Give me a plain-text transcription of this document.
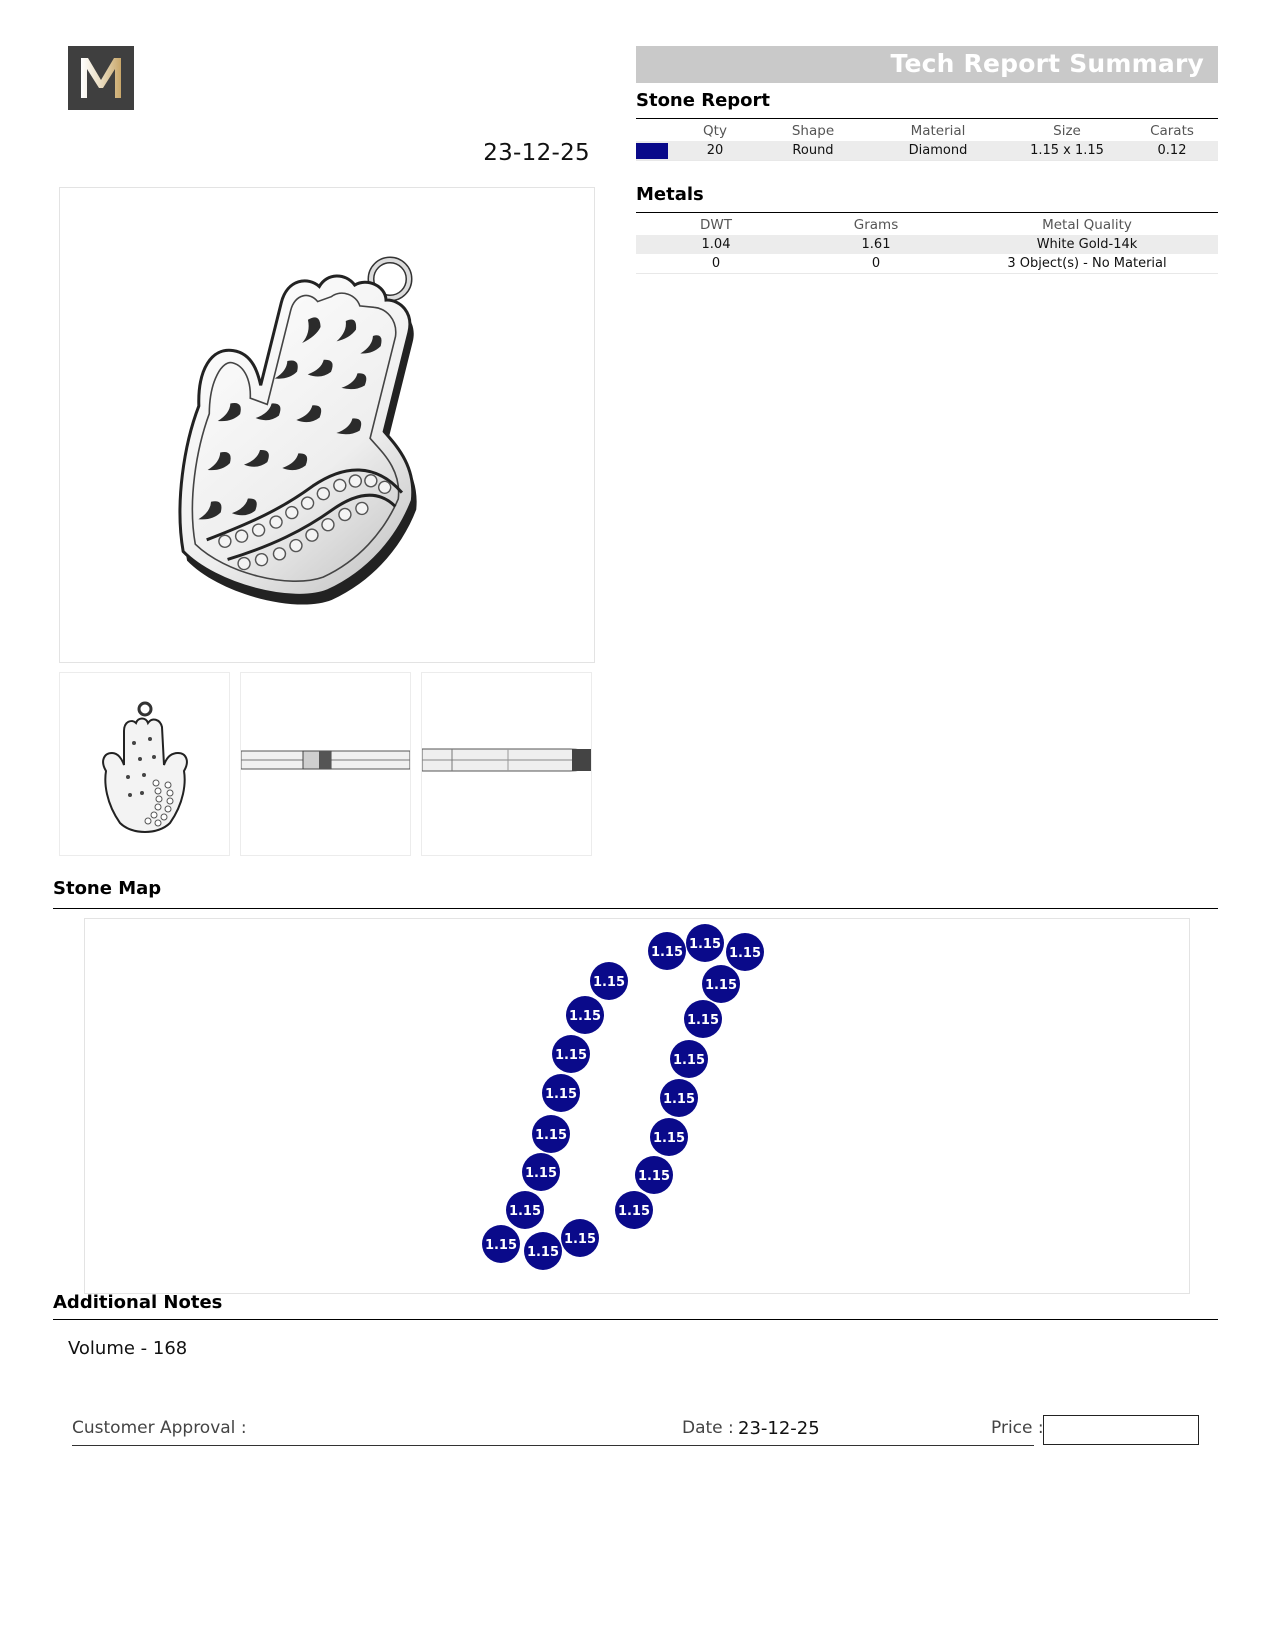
23-12-25
Tech Report Summary
Stone Report
	Qty	Shape	Material	Size	Carats
	20	Round	Diamond	1.15 x 1.15	0.12
Metals
DWT	Grams	Metal Quality
1.04	1.61	White Gold-14k
0	0	3 Object(s) - No Material
Stone Map
1.15
1.15
1.15
1.15	1.15
1.15	1.15
1.15	1.15
1.15	1.15
1.15	1.15
1.15	1.15
1.15	1.15
1.15	1.15
1.15
Additional Notes
Volume - 168
Customer Approval :	Date : 23-12-25	Price :
